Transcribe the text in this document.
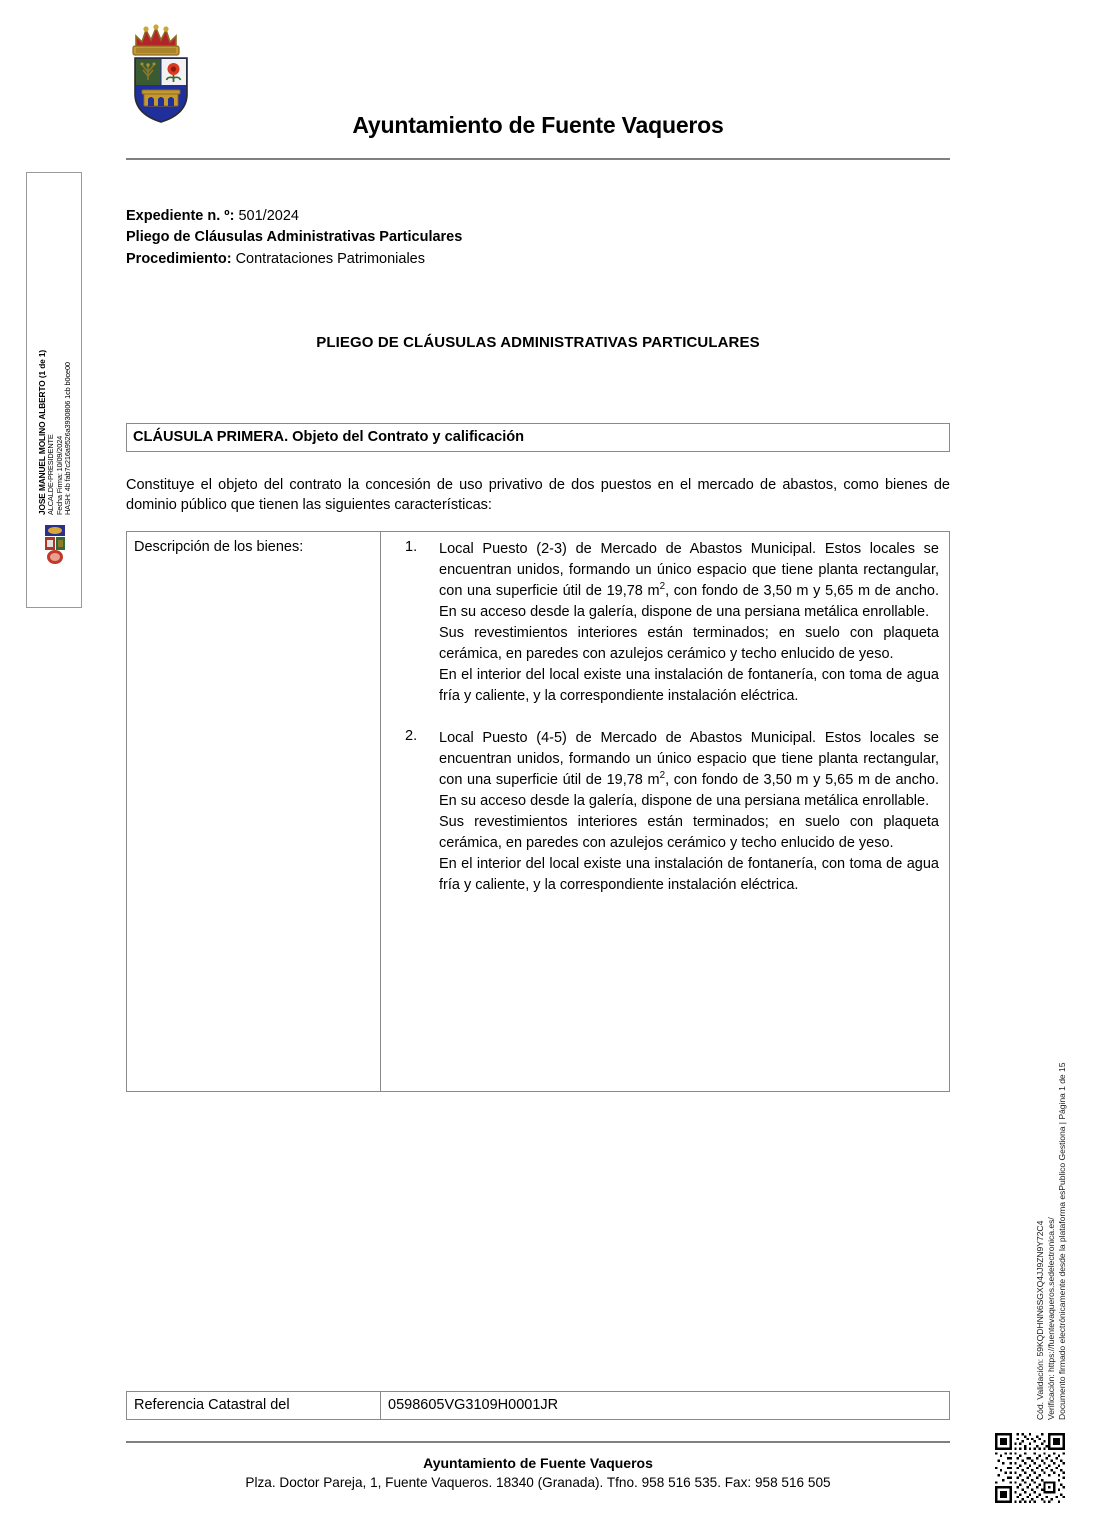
JOSE MANUEL MOLINO ALBERTO (1 de 1) ALCALDE-PRESIDENTE Fecha Firma: 10/09/2024 HASH: 4b fab7c216a9526a3930806 1cb b0ce00
Cód. Validación: 59KQDHNN6SGXQ4JJ9ZN9Y72C4 Verificación: https://fuentevaqueros.sedelectronica.es/ Documento firmado electrónicamente desde la plataforma esPublico Gestiona | Página 1 de 15
Ayuntamiento de Fuente Vaqueros
Expediente n. º: 501/2024
Pliego de Cláusulas Administrativas Particulares
Procedimiento: Contrataciones Patrimoniales
PLIEGO DE CLÁUSULAS ADMINISTRATIVAS PARTICULARES
CLÁUSULA PRIMERA. Objeto del Contrato y calificación
Constituye el objeto del contrato la concesión de uso privativo de dos puestos en el mercado de abastos, como bienes de dominio público que tienen las siguientes características:
Descripción de los bienes:	Local Puesto (2-3) de Mercado de Abastos Municipal. Estos locales se encuentran unidos, formando un único espacio que tiene planta rectangular, con una superficie útil de 19,78 $m^2$, con fondo de 3,50 m y 5,65 m de ancho. En su acceso desde la galería, dispone de una persiana metálica enrollable.

Sus revestimientos interiores están terminados; en suelo con plaqueta cerámica, en paredes con azulejos cerámico y techo enlucido de yeso.

En el interior del local existe una instalación de fontanería, con toma de agua fría y caliente, y la correspondiente instalación eléctrica.

Local Puesto (4-5) de Mercado de Abastos Municipal. Estos locales se encuentran unidos, formando un único espacio que tiene planta rectangular, con una superficie útil de 19,78 $m^2$, con fondo de 3,50 m y 5,65 m de ancho. En su acceso desde la galería, dispone de una persiana metálica enrollable.

Sus revestimientos interiores están terminados; en suelo con plaqueta cerámica, en paredes con azulejos cerámico y techo enlucido de yeso.

En el interior del local existe una instalación de fontanería, con toma de agua fría y caliente, y la correspondiente instalación eléctrica.

Referencia Catastral del	0598605VG3109H0001JR
Ayuntamiento de Fuente Vaqueros
Plza. Doctor Pareja, 1, Fuente Vaqueros. 18340 (Granada). Tfno. 958 516 535. Fax: 958 516 505
